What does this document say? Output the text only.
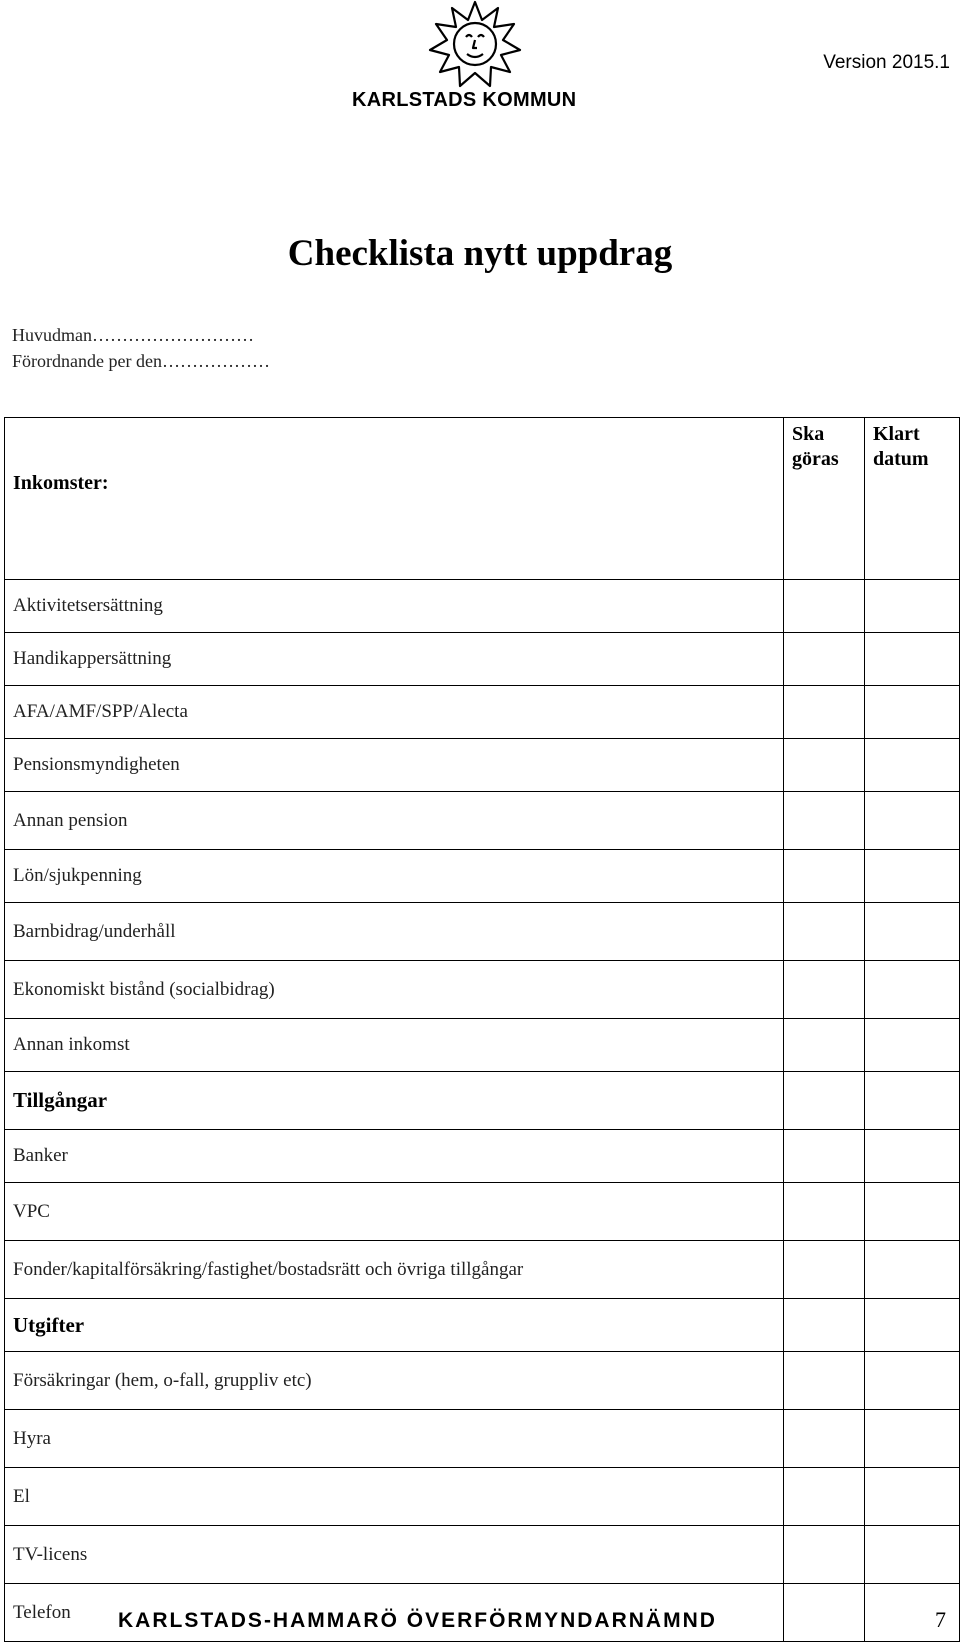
KARLSTADS KOMMUN
Version 2015.1
Checklista nytt uppdrag
Huvudman………………………
Förordnande per den………………
Inkomster:	Ska göras	Klart datum
Aktivitetsersättning		
Handikappersättning		
AFA/AMF/SPP/Alecta		
Pensionsmyndigheten		
Annan pension		
Lön/sjukpenning		
Barnbidrag/underhåll		
Ekonomiskt bistånd (socialbidrag)		
Annan inkomst		
Tillgångar		
Banker		
VPC		
Fonder/kapitalförsäkring/fastighet/bostadsrätt och övriga tillgångar		
Utgifter		
Försäkringar (hem, o-fall, gruppliv etc)		
Hyra		
El		
TV-licens		
Telefon		KARLSTADS-HAMMARÖ ÖVERFÖRMYNDARNÄMND	7
